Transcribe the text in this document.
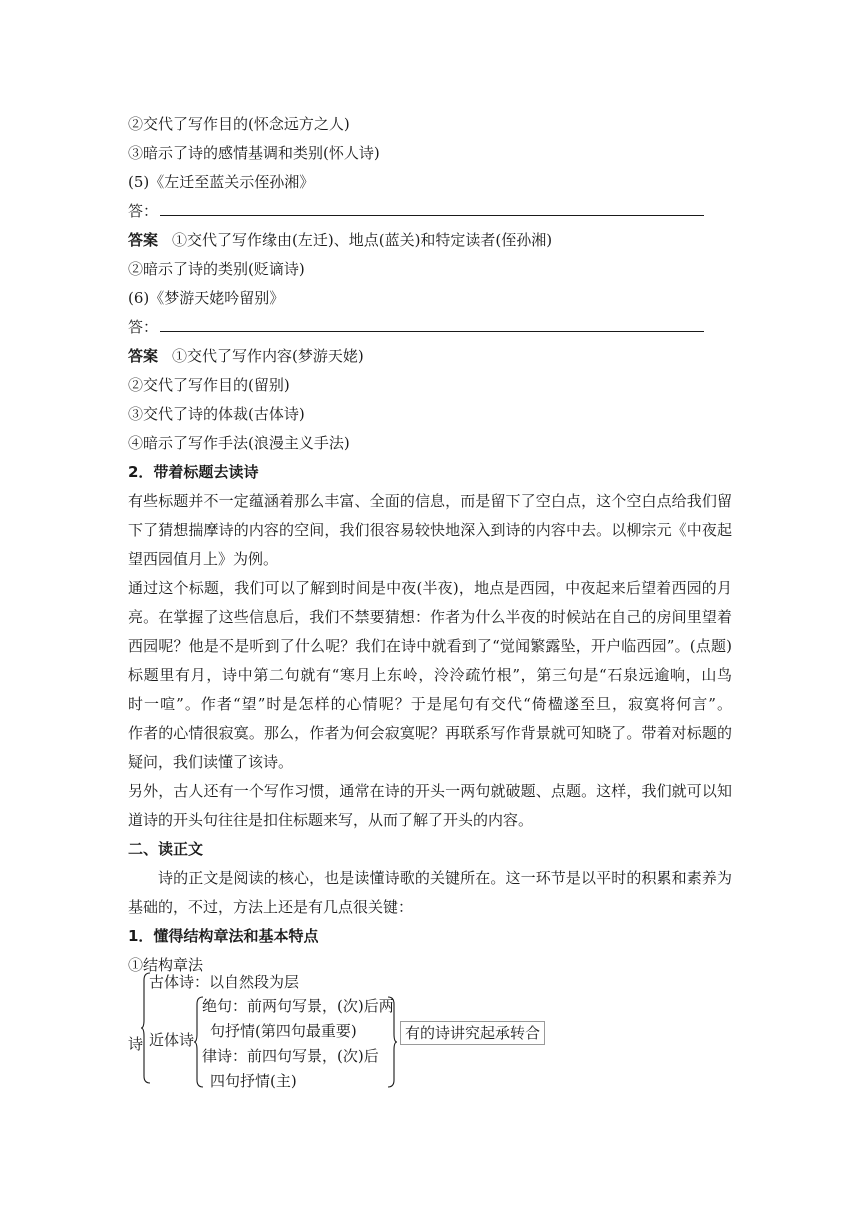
②交代了写作目的(怀念远方之人)
③暗示了诗的感情基调和类别(怀人诗)
(5)《左迁至蓝关示侄孙湘》
答：
答案 ①交代了写作缘由(左迁)、地点(蓝关)和特定读者(侄孙湘)
②暗示了诗的类别(贬谪诗)
(6)《梦游天姥吟留别》
答：
答案 ①交代了写作内容(梦游天姥)
②交代了写作目的(留别)
③交代了诗的体裁(古体诗)
④暗示了写作手法(浪漫主义手法)
2．带着标题去读诗
有些标题并不一定蕴涵着那么丰富、全面的信息，而是留下了空白点，这个空白点给我们留
下了猜想揣摩诗的内容的空间，我们很容易较快地深入到诗的内容中去。以柳宗元《中夜起
望西园值月上》为例。
通过这个标题，我们可以了解到时间是中夜(半夜)，地点是西园，中夜起来后望着西园的月
亮。在掌握了这些信息后，我们不禁要猜想：作者为什么半夜的时候站在自己的房间里望着
西园呢？他是不是听到了什么呢？我们在诗中就看到了“觉闻繁露坠，开户临西园”。(点题)
标题里有月，诗中第二句就有“寒月上东岭，泠泠疏竹根”，第三句是“石泉远逾响，山鸟
时一喧”。作者“望”时是怎样的心情呢？于是尾句有交代“倚楹遂至旦，寂寞将何言”。
作者的心情很寂寞。那么，作者为何会寂寞呢？再联系写作背景就可知晓了。带着对标题的
疑问，我们读懂了该诗。
另外，古人还有一个写作习惯，通常在诗的开头一两句就破题、点题。这样，我们就可以知
道诗的开头句往往是扣住标题来写，从而了解了开头的内容。
二、读正文
诗的正文是阅读的核心，也是读懂诗歌的关键所在。这一环节是以平时的积累和素养为
基础的，不过，方法上还是有几点很关键：
1．懂得结构章法和基本特点
①结构章法
诗
古体诗：以自然段为层
近体诗
绝句：前两句写景，(次)后两
句抒情(第四句最重要)
律诗：前四句写景，(次)后
四句抒情(主)
有的诗讲究起承转合
